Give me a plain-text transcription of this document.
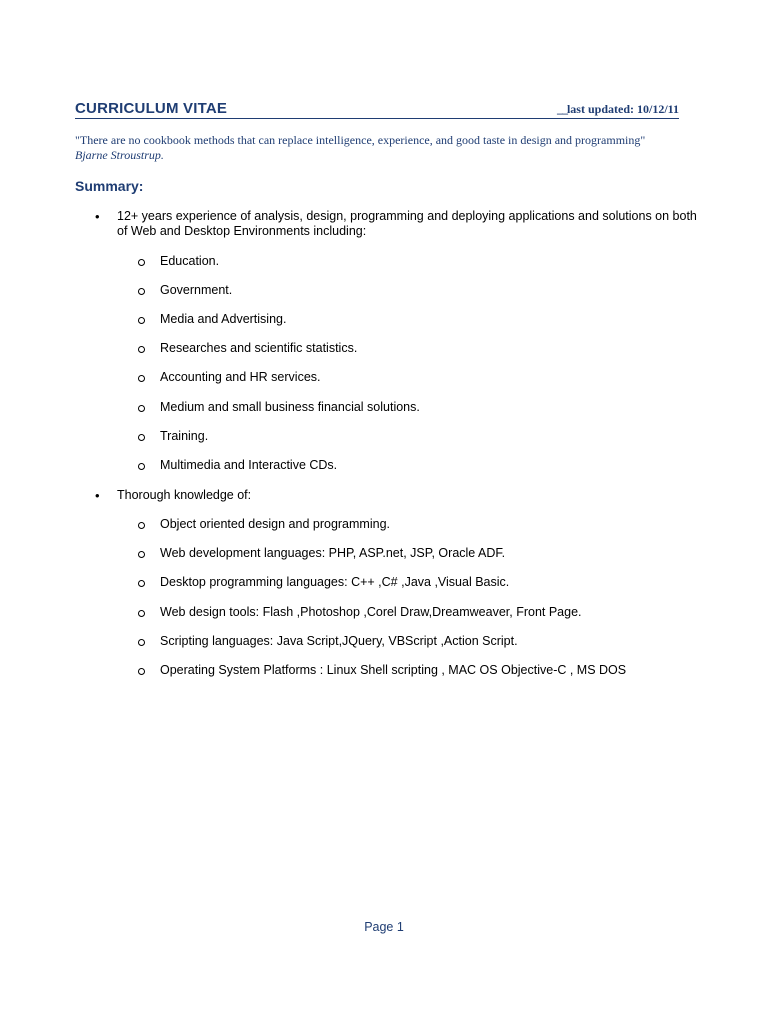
CURRICULUM VITAE	__last updated: 10/12/11
"There are no cookbook methods that can replace intelligence, experience, and good taste in design and programming" Bjarne Stroustrup.
Summary:
• 12+ years experience of analysis, design, programming and deploying applications and solutions on both of Web and Desktop Environments including:
Education.
Government.
Media and Advertising.
Researches and scientific statistics.
Accounting and HR services.
Medium and small business financial solutions.
Training.
Multimedia and Interactive CDs.
• Thorough knowledge of:
Object oriented design and programming.
Web development languages: PHP, ASP.net, JSP, Oracle ADF.
Desktop programming languages: C++ ,C# ,Java ,Visual Basic.
Web design tools: Flash ,Photoshop ,Corel Draw,Dreamweaver, Front Page.
Scripting languages: Java Script,JQuery, VBScript ,Action Script.
Operating System Platforms : Linux Shell scripting , MAC OS Objective-C , MS DOS
Page 1
